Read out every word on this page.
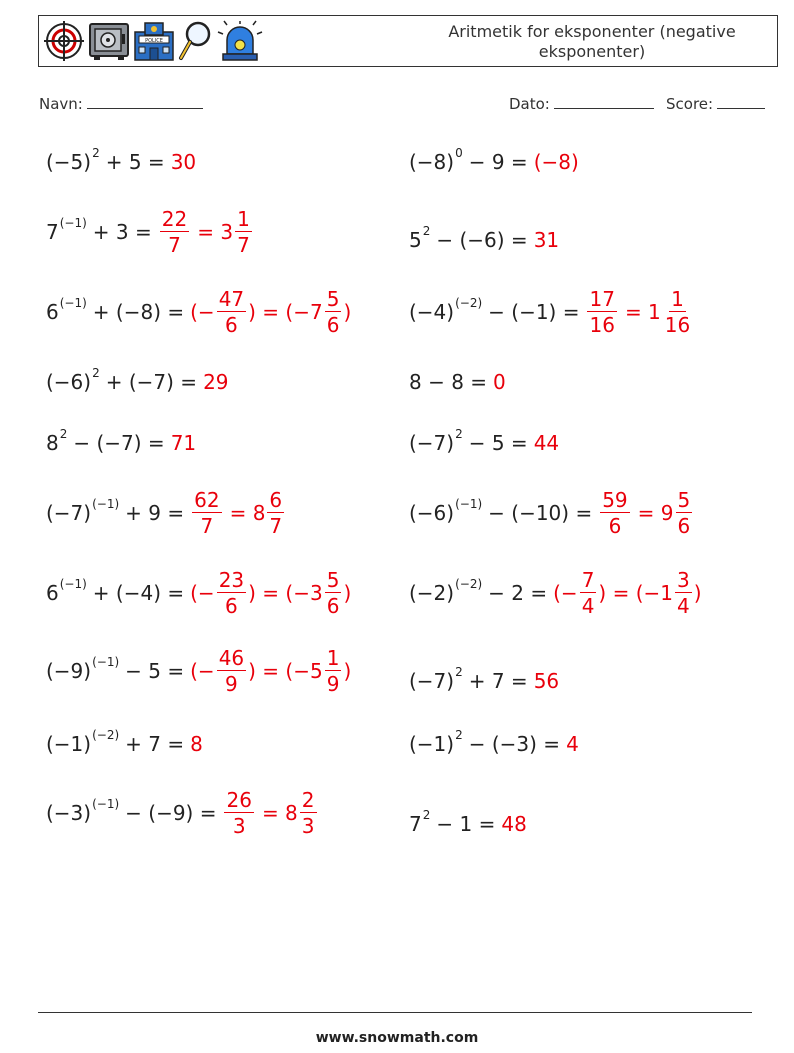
POLICE	Aritmetik for eksponenter (negative eksponenter)
Navn:	Dato:	Score:
(−5) 2 + 5 = 30
7 $(-1) + 3 = \frac{22}{7} = 3 \frac{1}{7}$
6 (−1) + (−8) = (− $\frac{47}{6}$ ) = ($-7 \frac{5}{6}$ )
(−6) 2 + (−7) = 29
8 2 − (−7) = 71
(−7) $(-1) + 9 = \frac{62}{7} = 8 \frac{6}{7}$
6 (−1) + (−4) = (− $\frac{23}{6}$ ) = ($-3 \frac{5}{6}$ )
(−9) (−1) − 5 = (− $\frac{46}{9}$ ) = ($-5 \frac{1}{9}$ )
(−1) (−2) + 7 = 8
(−3) $(-1) - (-9) = \frac{26}{3} = 8 \frac{2}{3}$
(−8) 0 − 9 = (−8)
5 2 − (−6) = 31
(−4) $(-2) - (-1) = \frac{17}{16} = 1 \frac{1}{16}$
8 − 8 = 0
(−7) 2 − 5 = 44
(−6) $(-1) - (-10) = \frac{59}{6} = 9 \frac{5}{6}$
(−2) (−2) − 2 = (− $\frac{7}{4}$ ) = ($-1 \frac{3}{4}$ )
(−7) 2 + 7 = 56
(−1) 2 − (−3) = 4
7 2 − 1 = 48
www.snowmath.com
